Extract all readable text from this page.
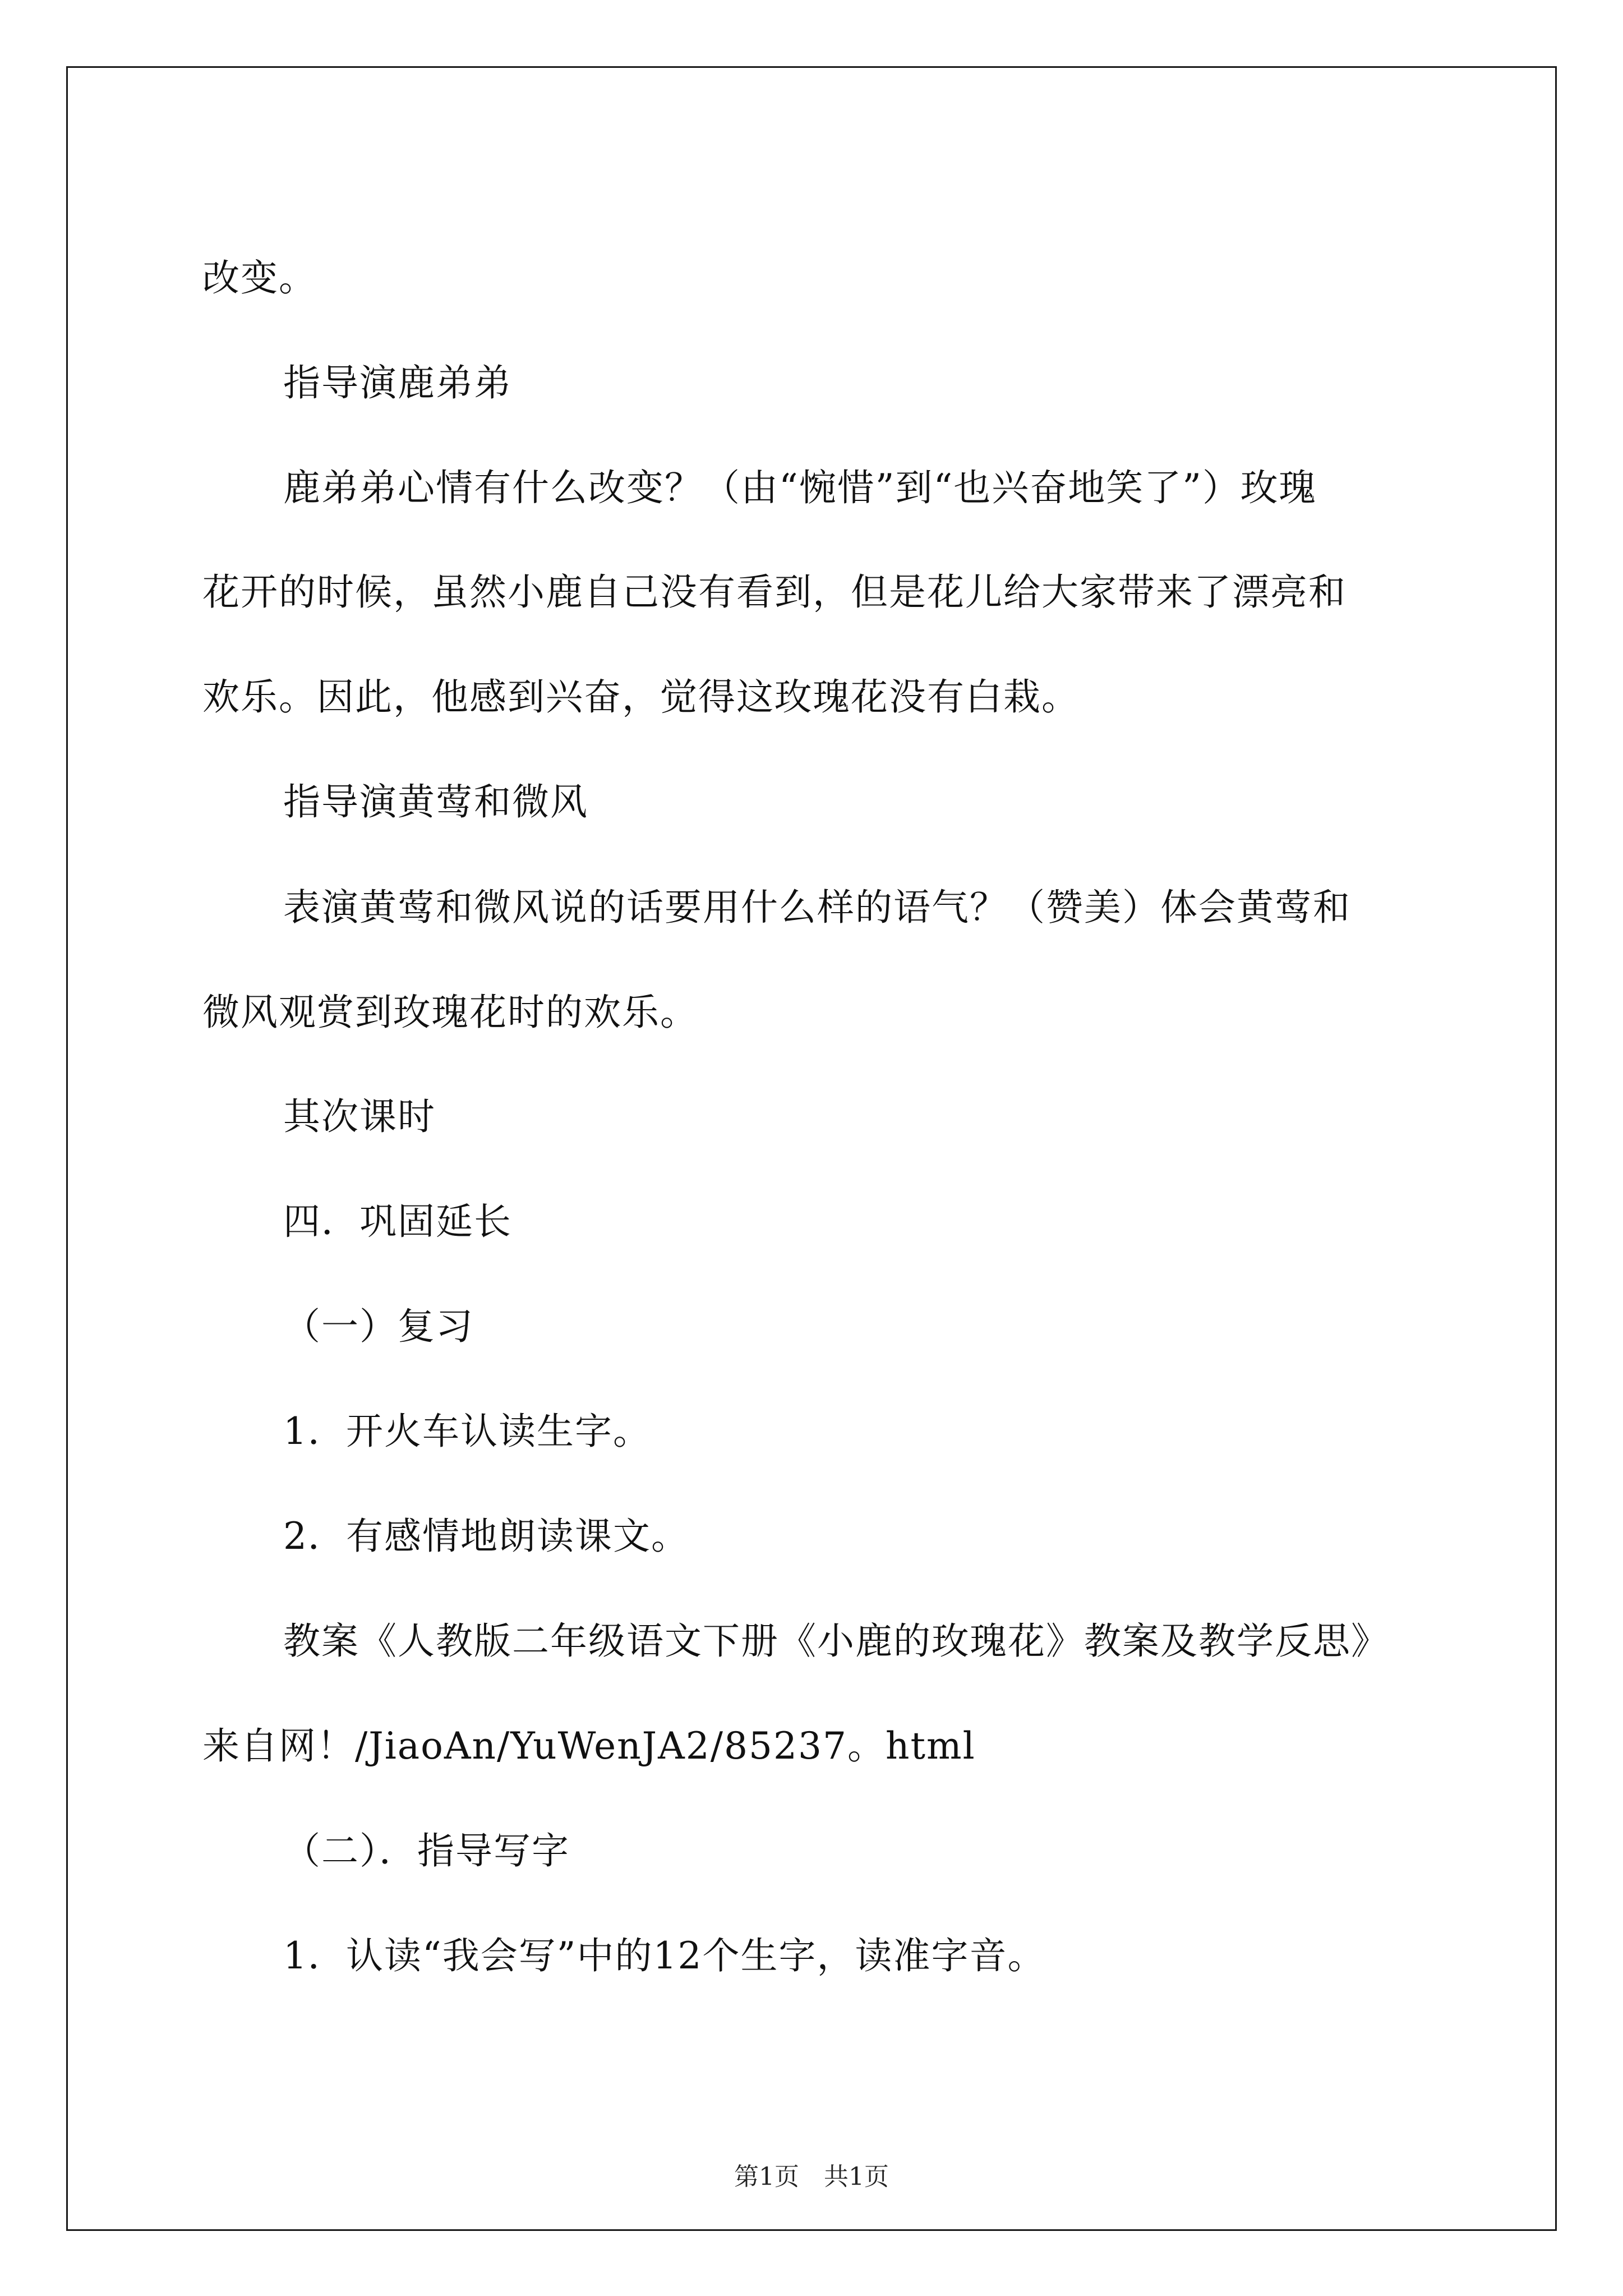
改变。
指导演鹿弟弟
鹿弟弟心情有什么改变？（由“惋惜”到“也兴奋地笑了”）玫瑰
花开的时候，虽然小鹿自己没有看到，但是花儿给大家带来了漂亮和
欢乐。因此，他感到兴奋，觉得这玫瑰花没有白栽。
指导演黄莺和微风
表演黄莺和微风说的话要用什么样的语气？（赞美）体会黄莺和
微风观赏到玫瑰花时的欢乐。
其次课时
四．巩固延长
（一）复习
1．开火车认读生字。
2．有感情地朗读课文。
教案《人教版二年级语文下册《小鹿的玫瑰花》教案及教学反思》
来自网！/JiaoAn/YuWenJA2/85237。html
（二）．指导写字
1．认读“我会写”中的12个生字，读准字音。
第1页　共1页
